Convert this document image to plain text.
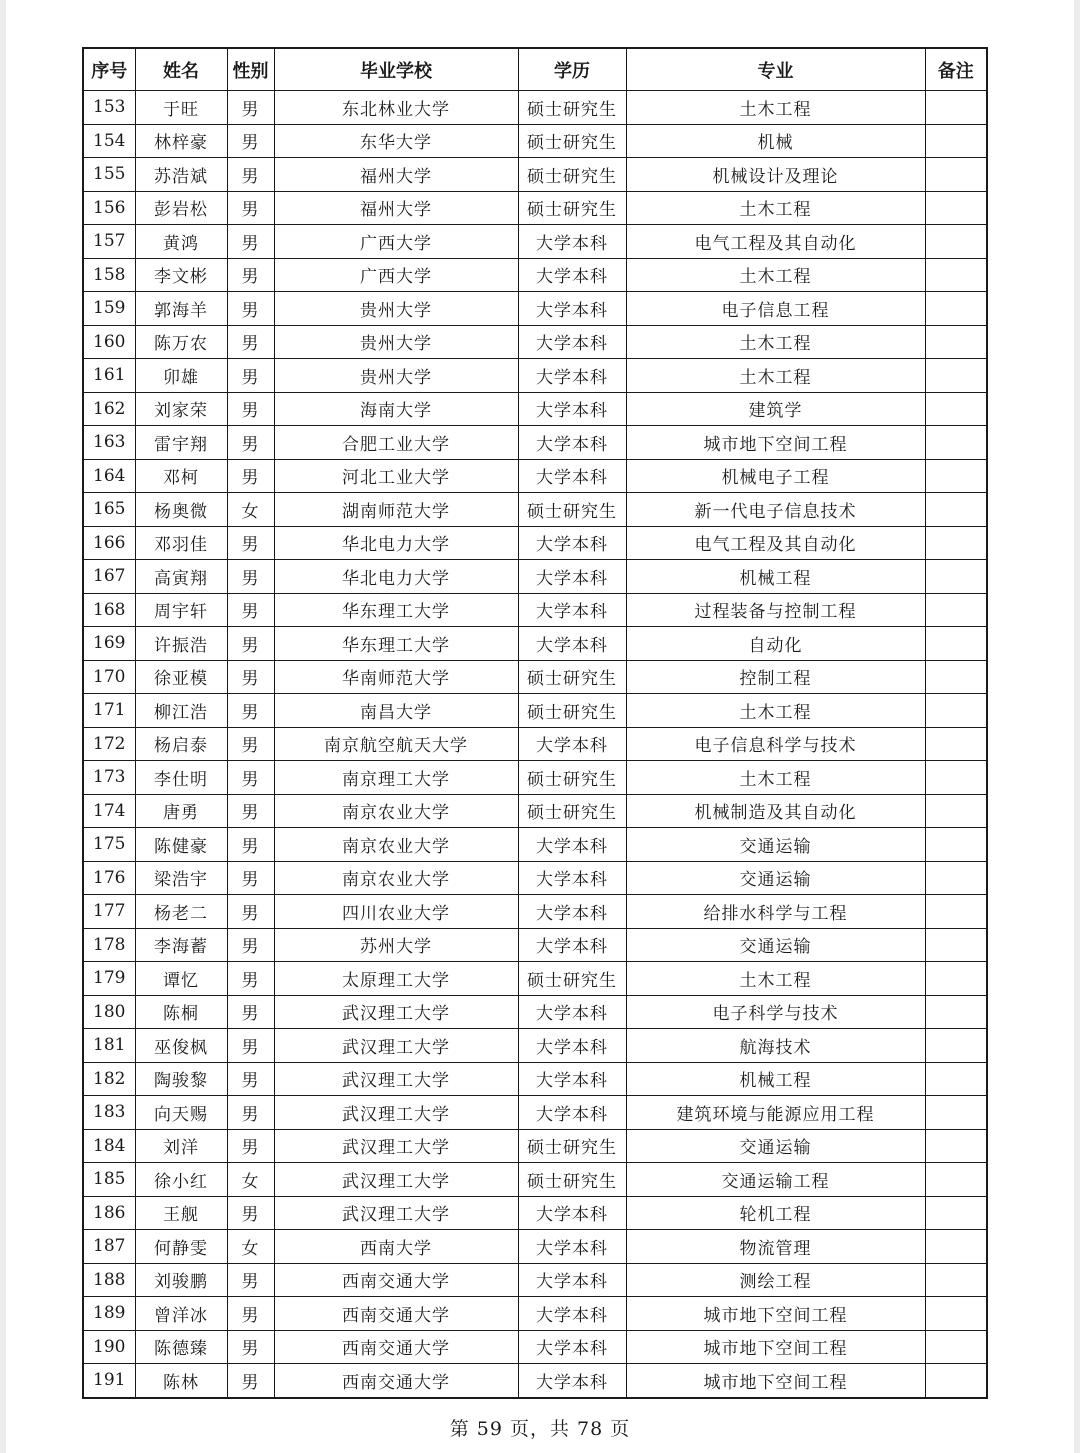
序号	姓名	性别	毕业学校	学历	专业	备注
153	于旺	男	东北林业大学	硕士研究生	土木工程	
154	林梓豪	男	东华大学	硕士研究生	机械	
155	苏浩斌	男	福州大学	硕士研究生	机械设计及理论	
156	彭岩松	男	福州大学	硕士研究生	土木工程	
157	黄鸿	男	广西大学	大学本科	电气工程及其自动化	
158	李文彬	男	广西大学	大学本科	土木工程	
159	郭海羊	男	贵州大学	大学本科	电子信息工程	
160	陈万农	男	贵州大学	大学本科	土木工程	
161	卯雄	男	贵州大学	大学本科	土木工程	
162	刘家荣	男	海南大学	大学本科	建筑学	
163	雷宇翔	男	合肥工业大学	大学本科	城市地下空间工程	
164	邓柯	男	河北工业大学	大学本科	机械电子工程	
165	杨奥微	女	湖南师范大学	硕士研究生	新一代电子信息技术	
166	邓羽佳	男	华北电力大学	大学本科	电气工程及其自动化	
167	高寅翔	男	华北电力大学	大学本科	机械工程	
168	周宇轩	男	华东理工大学	大学本科	过程装备与控制工程	
169	许振浩	男	华东理工大学	大学本科	自动化	
170	徐亚模	男	华南师范大学	硕士研究生	控制工程	
171	柳江浩	男	南昌大学	硕士研究生	土木工程	
172	杨启泰	男	南京航空航天大学	大学本科	电子信息科学与技术	
173	李仕明	男	南京理工大学	硕士研究生	土木工程	
174	唐勇	男	南京农业大学	硕士研究生	机械制造及其自动化	
175	陈健豪	男	南京农业大学	大学本科	交通运输	
176	梁浩宇	男	南京农业大学	大学本科	交通运输	
177	杨老二	男	四川农业大学	大学本科	给排水科学与工程	
178	李海蓄	男	苏州大学	大学本科	交通运输	
179	谭忆	男	太原理工大学	硕士研究生	土木工程	
180	陈桐	男	武汉理工大学	大学本科	电子科学与技术	
181	巫俊枫	男	武汉理工大学	大学本科	航海技术	
182	陶骏黎	男	武汉理工大学	大学本科	机械工程	
183	向天赐	男	武汉理工大学	大学本科	建筑环境与能源应用工程	
184	刘洋	男	武汉理工大学	硕士研究生	交通运输	
185	徐小红	女	武汉理工大学	硕士研究生	交通运输工程	
186	王舰	男	武汉理工大学	大学本科	轮机工程	
187	何静雯	女	西南大学	大学本科	物流管理	
188	刘骏鹏	男	西南交通大学	大学本科	测绘工程	
189	曾洋冰	男	西南交通大学	大学本科	城市地下空间工程	
190	陈德臻	男	西南交通大学	大学本科	城市地下空间工程	
191	陈林	男	西南交通大学	大学本科	城市地下空间工程	
第 59 页，共 78 页
